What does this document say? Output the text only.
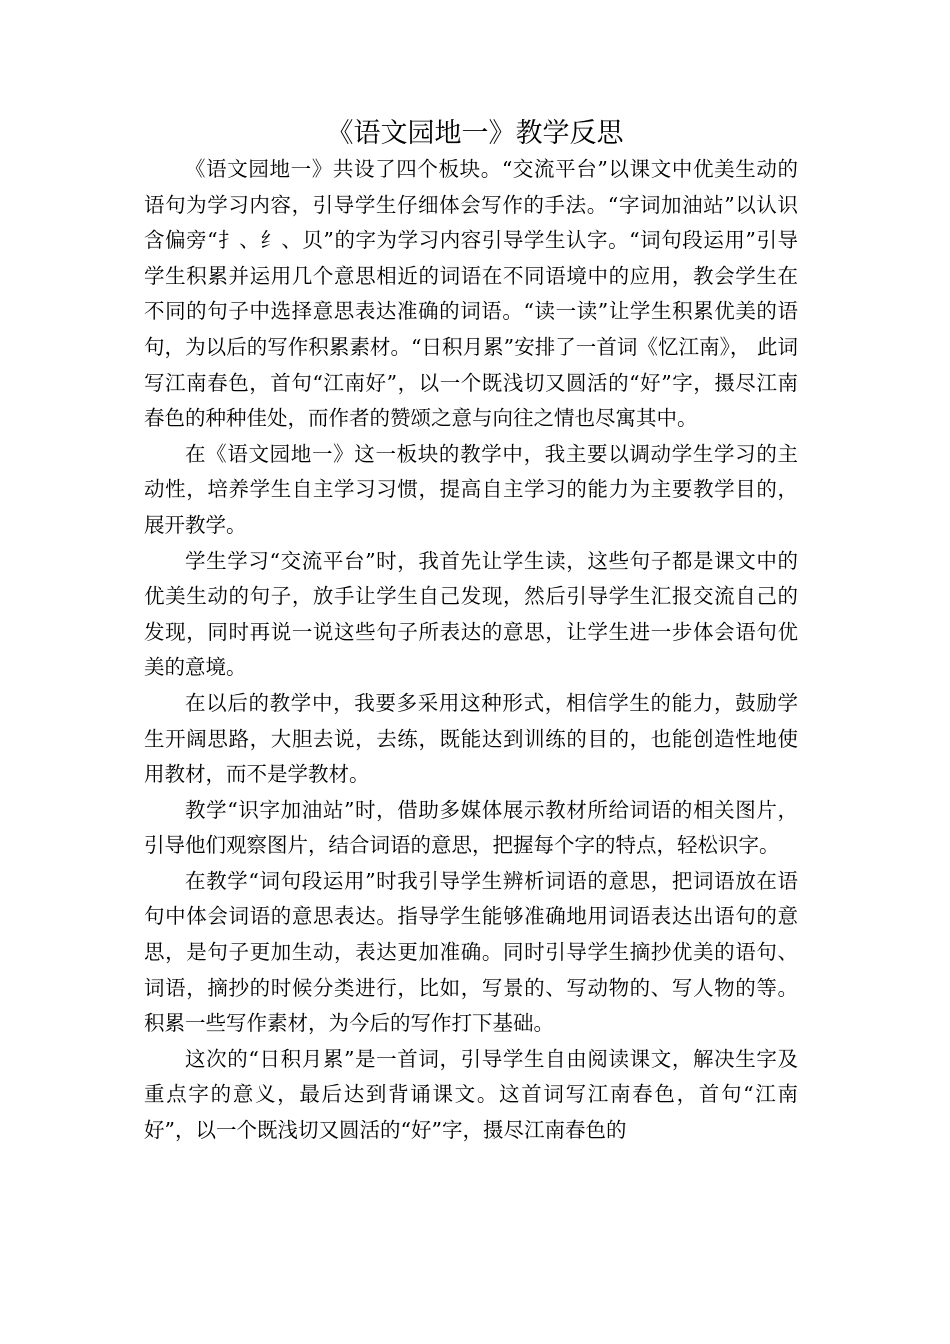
《语文园地一》教学反思

《语文园地一》共设了四个板块。“交流平台”以课文中优美生动的语句为学习内容，引导学生仔细体会写作的手法。“字词加油站”以认识含偏旁“扌、纟、贝”的字为学习内容引导学生认字。“词句段运用”引导学生积累并运用几个意思相近的词语在不同语境中的应用，教会学生在不同的句子中选择意思表达准确的词语。“读一读”让学生积累优美的语句，为以后的写作积累素材。“日积月累”安排了一首词《忆江南》， 此词写江南春色，首句“江南好”，以一个既浅切又圆活的“好”字，摄尽江南春色的种种佳处，而作者的赞颂之意与向往之情也尽寓其中。

在《语文园地一》这一板块的教学中，我主要以调动学生学习的主动性，培养学生自主学习习惯，提高自主学习的能力为主要教学目的，展开教学。

学生学习“交流平台”时，我首先让学生读，这些句子都是课文中的优美生动的句子，放手让学生自己发现，然后引导学生汇报交流自己的发现，同时再说一说这些句子所表达的意思，让学生进一步体会语句优美的意境。

在以后的教学中，我要多采用这种形式，相信学生的能力，鼓励学生开阔思路，大胆去说，去练，既能达到训练的目的，也能创造性地使用教材，而不是学教材。

教学“识字加油站”时，借助多媒体展示教材所给词语的相关图片，引导他们观察图片，结合词语的意思，把握每个字的特点，轻松识字。

在教学“词句段运用”时我引导学生辨析词语的意思，把词语放在语句中体会词语的意思表达。指导学生能够准确地用词语表达出语句的意思，是句子更加生动，表达更加准确。同时引导学生摘抄优美的语句、词语，摘抄的时候分类进行，比如，写景的、写动物的、写人物的等。积累一些写作素材，为今后的写作打下基础。

这次的“日积月累”是一首词，引导学生自由阅读课文，解决生字及重点字的意义，最后达到背诵课文。这首词写江南春色，首句“江南好”，以一个既浅切又圆活的“好”字，摄尽江南春色的
